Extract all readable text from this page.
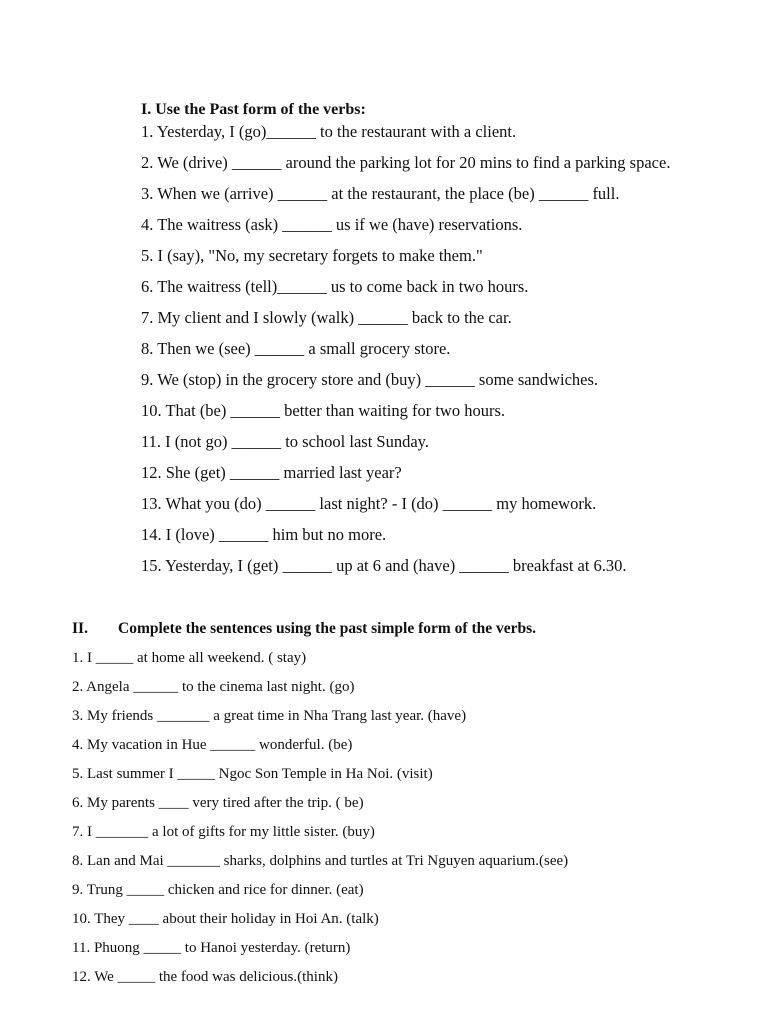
I. Use the Past form of the verbs:
1. Yesterday, I (go)______ to the restaurant with a client.
2. We (drive) ______ around the parking lot for 20 mins to find a parking space.
3. When we (arrive) ______ at the restaurant, the place (be) ______ full.
4. The waitress (ask) ______ us if we (have) reservations.
5. I (say), "No, my secretary forgets to make them."
6. The waitress (tell)______ us to come back in two hours.
7. My client and I slowly (walk) ______ back to the car.
8. Then we (see) ______ a small grocery store.
9. We (stop) in the grocery store and (buy) ______ some sandwiches.
10. That (be) ______ better than waiting for two hours.
11. I (not go) ______ to school last Sunday.
12. She (get) ______ married last year?
13. What you (do) ______ last night? - I (do) ______ my homework.
14. I (love) ______ him but no more.
15. Yesterday, I (get) ______ up at 6 and (have) ______ breakfast at 6.30.
II. Complete the sentences using the past simple form of the verbs.
1. I _____ at home all weekend. ( stay)
2. Angela ______ to the cinema last night. (go)
3. My friends _______ a great time in Nha Trang last year. (have)
4. My vacation in Hue ______ wonderful. (be)
5. Last summer I _____ Ngoc Son Temple in Ha Noi. (visit)
6. My parents ____ very tired after the trip. ( be)
7. I _______ a lot of gifts for my little sister. (buy)
8. Lan and Mai _______ sharks, dolphins and turtles at Tri Nguyen aquarium.(see)
9. Trung _____ chicken and rice for dinner. (eat)
10. They ____ about their holiday in Hoi An. (talk)
11. Phuong _____ to Hanoi yesterday. (return)
12. We _____ the food was delicious.(think)
